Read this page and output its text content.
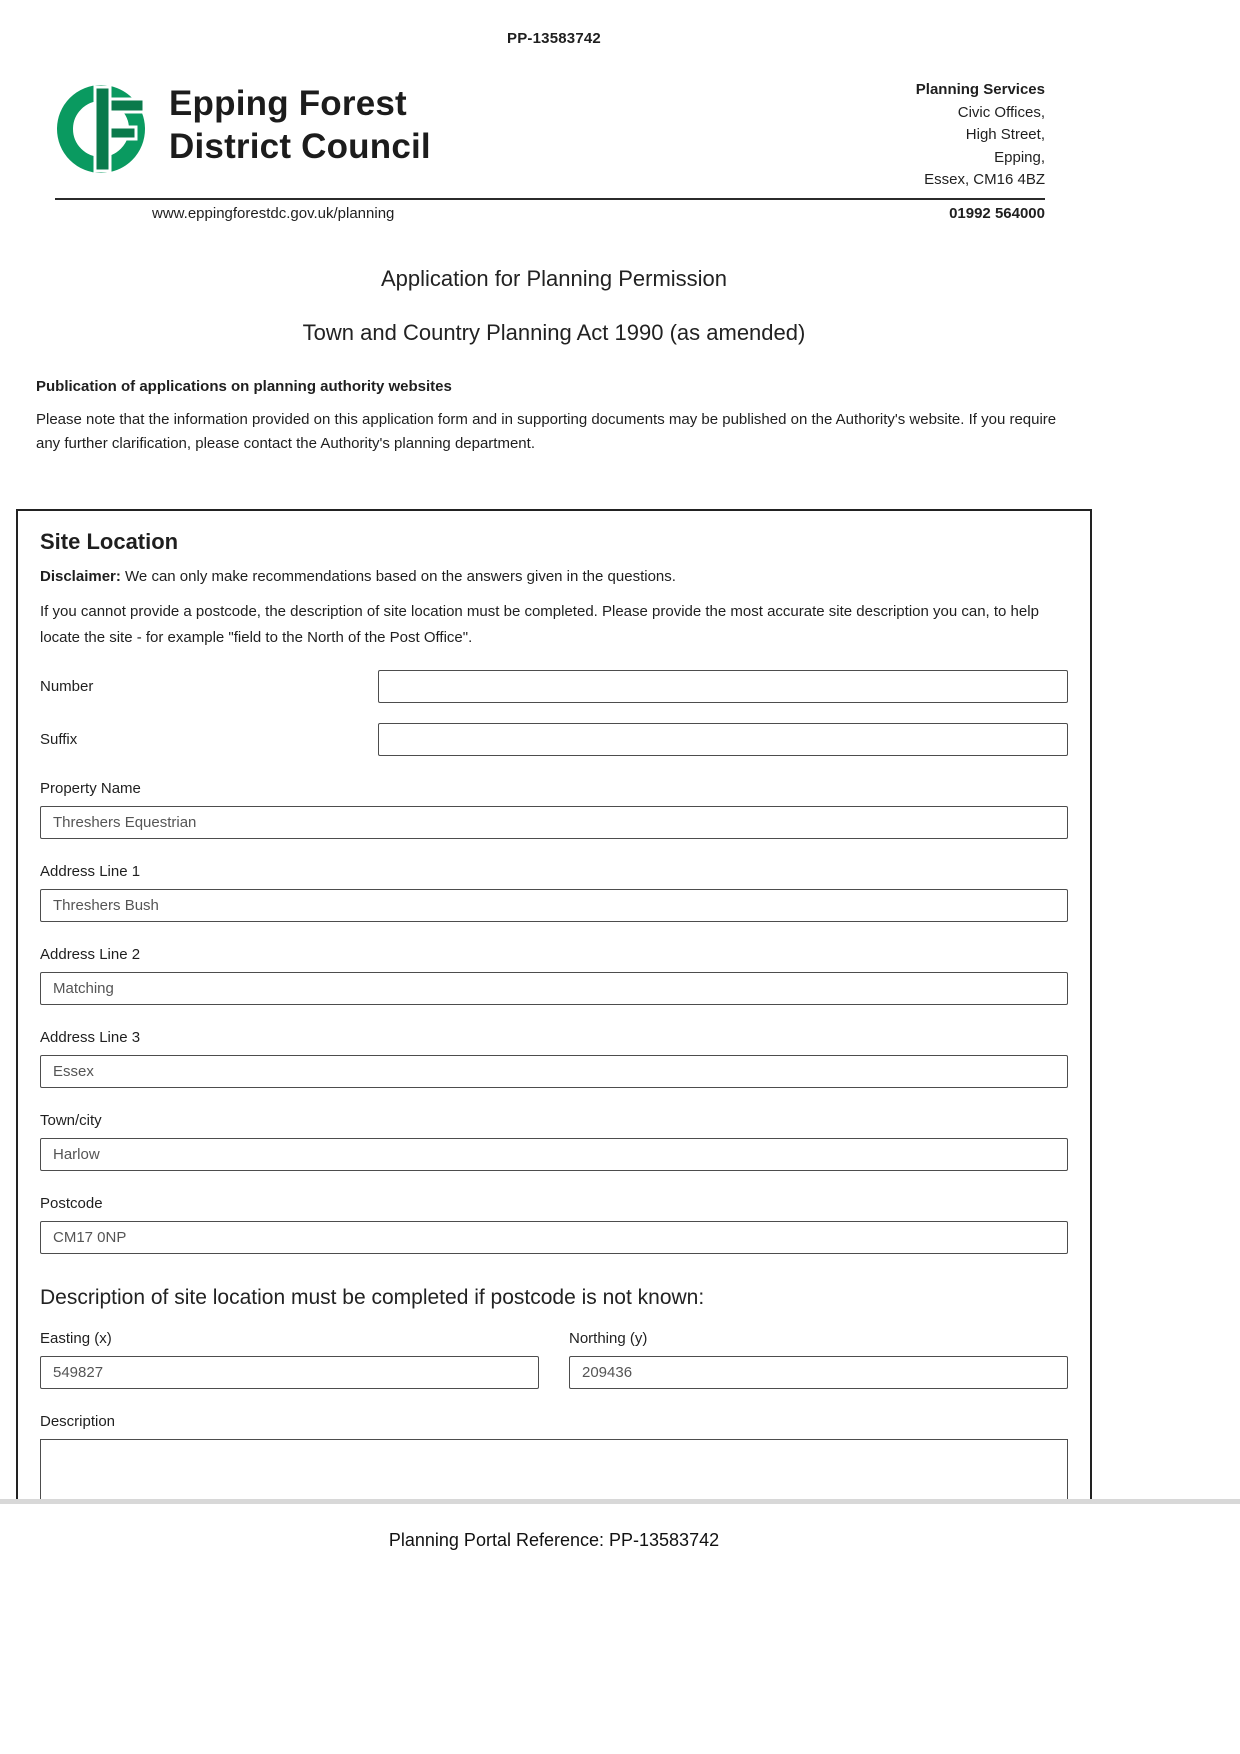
PP-13583742
Epping Forest
District Council
Planning Services
Civic Offices,
High Street,
Epping,
Essex, CM16 4BZ
www.eppingforestdc.gov.uk/planning	01992 564000
Application for Planning Permission
Town and Country Planning Act 1990 (as amended)
Publication of applications on planning authority websites
Please note that the information provided on this application form and in supporting documents may be published on the Authority's website. If you require any further clarification, please contact the Authority's planning department.
Site Location
Disclaimer: We can only make recommendations based on the answers given in the questions.
If you cannot provide a postcode, the description of site location must be completed. Please provide the most accurate site description you can, to help locate the site - for example "field to the North of the Post Office".
Number
Suffix
Property Name
Threshers Equestrian
Address Line 1
Threshers Bush
Address Line 2
Matching
Address Line 3
Essex
Town/city
Harlow
Postcode
CM17 0NP
Description of site location must be completed if postcode is not known:
Easting (x)
549827	Northing (y)
209436
Description
Planning Portal Reference: PP-13583742
